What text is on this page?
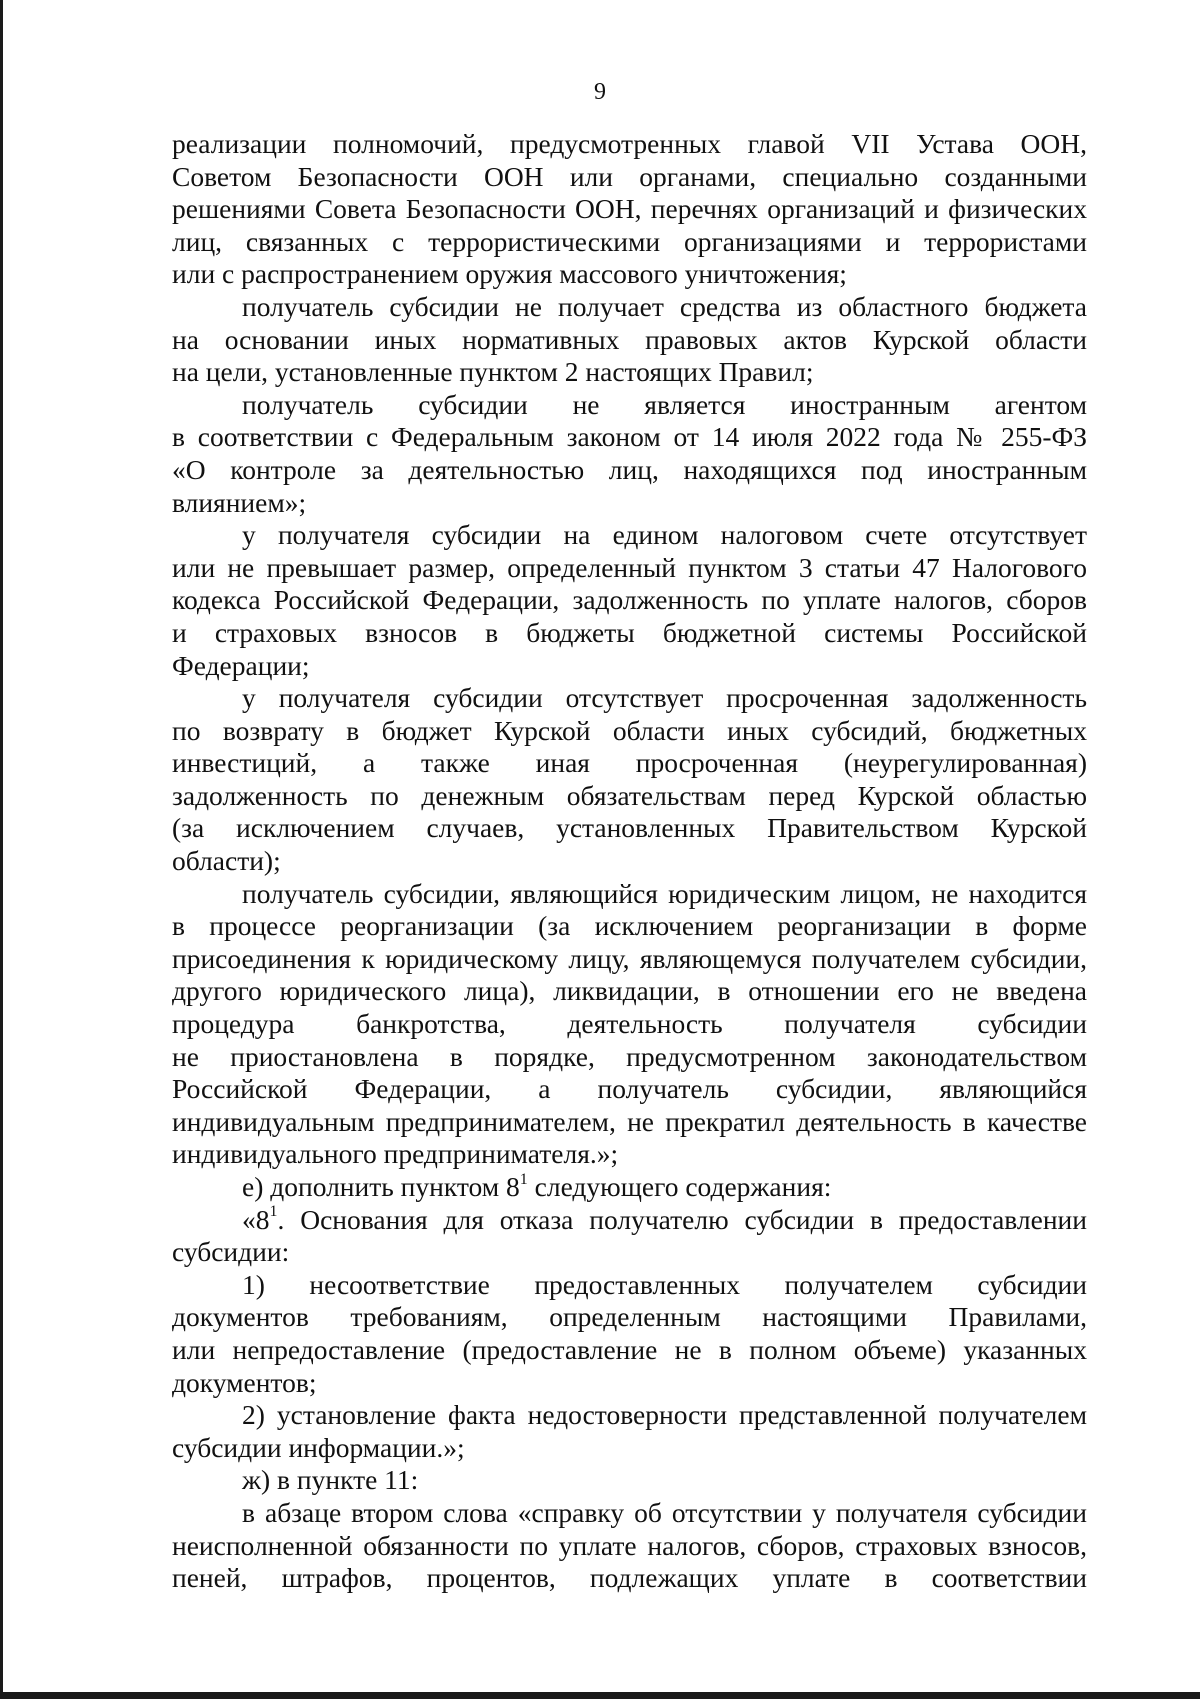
9

реализации полномочий, предусмотренных главой VII Устава ООН,
Советом Безопасности ООН или органами, специально созданными
решениями Совета Безопасности ООН, перечнях организаций и физических
лиц, связанных с террористическими организациями и террористами
или с распространением оружия массового уничтожения;

получатель субсидии не получает средства из областного бюджета
на основании иных нормативных правовых актов Курской области
на цели, установленные пунктом 2 настоящих Правил;

получатель субсидии не является иностранным агентом
в соответствии с Федеральным законом от 14 июля 2022 года № 255-ФЗ
«О контроле за деятельностью лиц, находящихся под иностранным
влиянием»;

у получателя субсидии на едином налоговом счете отсутствует
или не превышает размер, определенный пунктом 3 статьи 47 Налогового
кодекса Российской Федерации, задолженность по уплате налогов, сборов
и страховых взносов в бюджеты бюджетной системы Российской
Федерации;

у получателя субсидии отсутствует просроченная задолженность
по возврату в бюджет Курской области иных субсидий, бюджетных
инвестиций, а также иная просроченная (неурегулированная)
задолженность по денежным обязательствам перед Курской областью
(за исключением случаев, установленных Правительством Курской
области);

получатель субсидии, являющийся юридическим лицом, не находится
в процессе реорганизации (за исключением реорганизации в форме
присоединения к юридическому лицу, являющемуся получателем субсидии,
другого юридического лица), ликвидации, в отношении его не введена
процедура банкротства, деятельность получателя субсидии
не приостановлена в порядке, предусмотренном законодательством
Российской Федерации, а получатель субсидии, являющийся
индивидуальным предпринимателем, не прекратил деятельность в качестве
индивидуального предпринимателя.»;

е) дополнить пунктом $8^1$ следующего содержания:

«$8^1$. Основания для отказа получателю субсидии в предоставлении
субсидии:

1) несоответствие предоставленных получателем субсидии
документов требованиям, определенным настоящими Правилами,
или непредоставление (предоставление не в полном объеме) указанных
документов;

2) установление факта недостоверности представленной получателем
субсидии информации.»;

ж) в пункте 11:

в абзаце втором слова «справку об отсутствии у получателя субсидии
неисполненной обязанности по уплате налогов, сборов, страховых взносов,
пеней, штрафов, процентов, подлежащих уплате в соответствии
